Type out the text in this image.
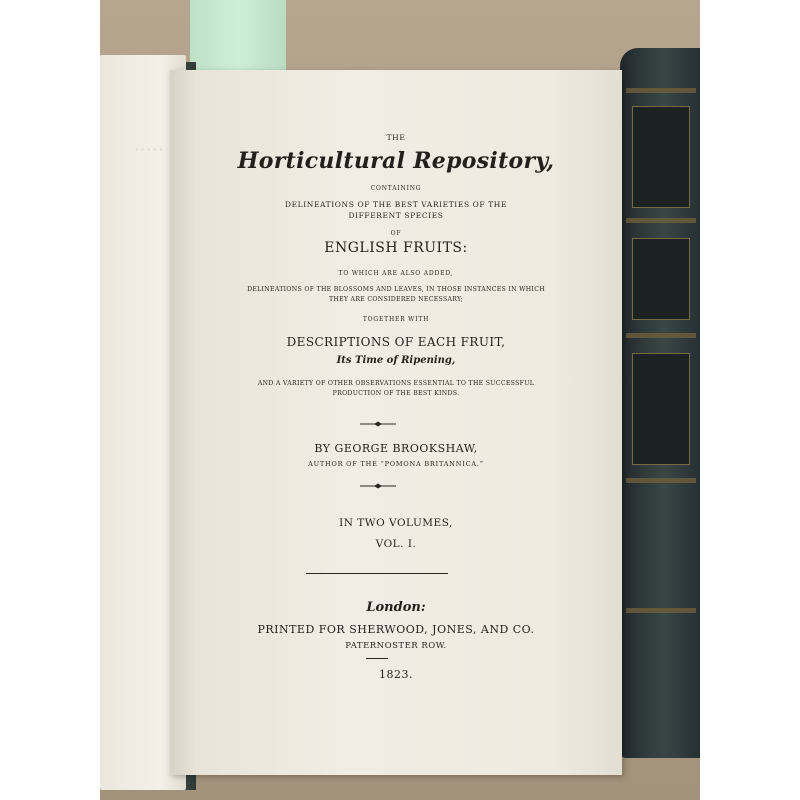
·····
THE
Horticultural Repository,
CONTAINING
DELINEATIONS OF THE BEST VARIETIES OF THE
DIFFERENT SPECIES
OF
ENGLISH FRUITS:
TO WHICH ARE ALSO ADDED,
DELINEATIONS OF THE BLOSSOMS AND LEAVES, IN THOSE INSTANCES IN WHICH
THEY ARE CONSIDERED NECESSARY;
TOGETHER WITH
DESCRIPTIONS OF EACH FRUIT,
Its Time of Ripening,
AND A VARIETY OF OTHER OBSERVATIONS ESSENTIAL TO THE SUCCESSFUL
PRODUCTION OF THE BEST KINDS.
BY GEORGE BROOKSHAW,
AUTHOR OF THE “POMONA BRITANNICA.”
IN TWO VOLUMES,
VOL. I.
London:
PRINTED FOR SHERWOOD, JONES, AND CO.
PATERNOSTER ROW.
1823.
